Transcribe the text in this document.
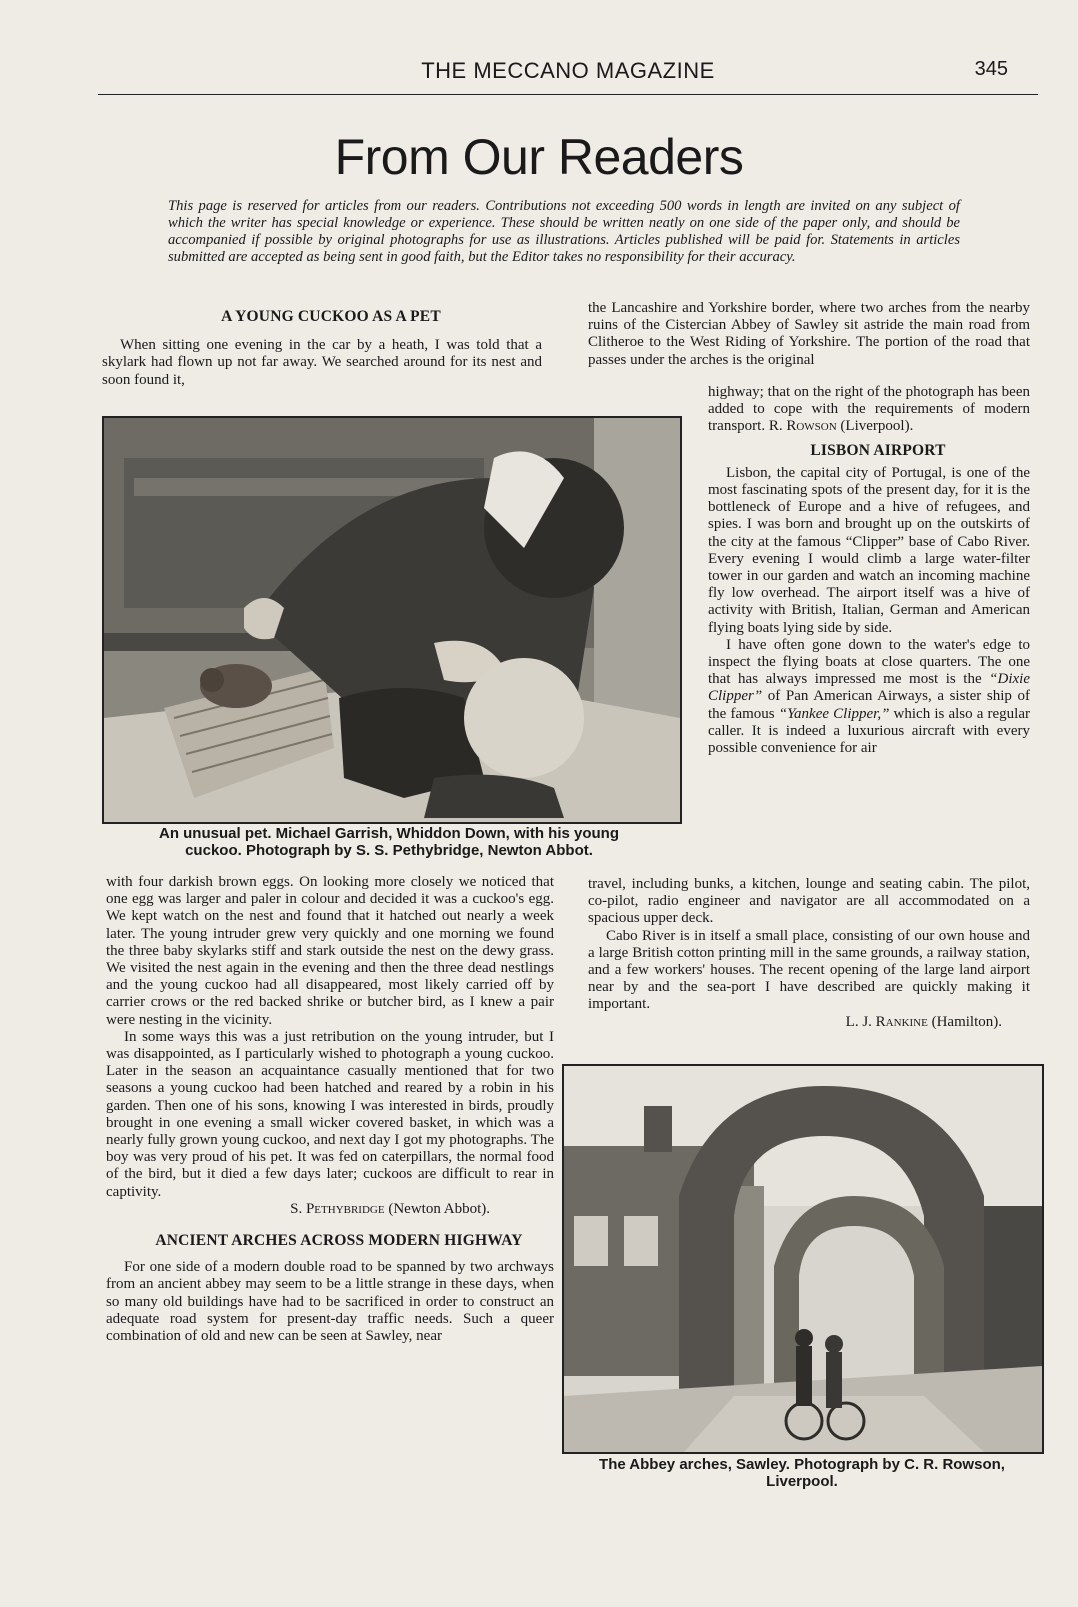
THE MECCANO MAGAZINE	345
From Our Readers
This page is reserved for articles from our readers. Contributions not exceeding 500 words in length are invited on any subject of which the writer has special knowledge or experience. These should be written neatly on one side of the paper only, and should be accompanied if possible by original photographs for use as illustrations. Articles published will be paid for. Statements in articles submitted are accepted as being sent in good faith, but the Editor takes no responsibility for their accuracy.

A YOUNG CUCKOO AS A PET

When sitting one evening in the car by a heath, I was told that a skylark had flown up not far away. We searched around for its nest and soon found it,

the Lancashire and Yorkshire border, where two arches from the nearby ruins of the Cistercian Abbey of Sawley sit astride the main road from Clitheroe to the West Riding of Yorkshire. The portion of the road that passes under the arches is the original

highway; that on the right of the photograph has been added to cope with the requirements of modern transport. R. Rowson (Liverpool).

LISBON AIRPORT

Lisbon, the capital city of Portugal, is one of the most fascinating spots of the present day, for it is the bottleneck of Europe and a hive of refugees, and spies. I was born and brought up on the outskirts of the city at the famous “Clipper” base of Cabo River. Every evening I would climb a large water-filter tower in our garden and watch an incoming machine fly low overhead. The airport itself was a hive of activity with British, Italian, German and American flying boats lying side by side.

I have often gone down to the water's edge to inspect the flying boats at close quarters. The one that has always impressed me most is the “Dixie Clipper” of Pan American Airways, a sister ship of the famous “Yankee Clipper,” which is also a regular caller. It is indeed a luxurious aircraft with every possible convenience for air

An unusual pet. Michael Garrish, Whiddon Down, with his young
cuckoo. Photograph by S. S. Pethybridge, Newton Abbot.

travel, including bunks, a kitchen, lounge and seating cabin. The pilot, co-pilot, radio engineer and navigator are all accommodated on a spacious upper deck.

Cabo River is in itself a small place, consisting of our own house and a large British cotton printing mill in the same grounds, a railway station, and a few workers' houses. The recent opening of the large land airport near by and the sea-port I have described are quickly making it important.

L. J. Rankine (Hamilton).

with four darkish brown eggs. On looking more closely we noticed that one egg was larger and paler in colour and decided it was a cuckoo's egg. We kept watch on the nest and found that it hatched out nearly a week later. The young intruder grew very quickly and one morning we found the three baby skylarks stiff and stark outside the nest on the dewy grass. We visited the nest again in the evening and then the three dead nestlings and the young cuckoo had all disappeared, most likely carried off by carrier crows or the red backed shrike or butcher bird, as I knew a pair were nesting in the vicinity.

In some ways this was a just retribution on the young intruder, but I was disappointed, as I particularly wished to photograph a young cuckoo. Later in the season an acquaintance casually mentioned that for two seasons a young cuckoo had been hatched and reared by a robin in his garden. Then one of his sons, knowing I was interested in birds, proudly brought in one evening a small wicker covered basket, in which was a nearly fully grown young cuckoo, and next day I got my photographs. The boy was very proud of his pet. It was fed on caterpillars, the normal food of the bird, but it died a few days later; cuckoos are difficult to rear in captivity.

S. Pethybridge (Newton Abbot).

ANCIENT ARCHES ACROSS MODERN HIGHWAY

For one side of a modern double road to be spanned by two archways from an ancient abbey may seem to be a little strange in these days, when so many old buildings have had to be sacrificed in order to construct an adequate road system for present-day traffic needs. Such a queer combination of old and new can be seen at Sawley, near

The Abbey arches, Sawley. Photograph by C. R. Rowson,
Liverpool.
